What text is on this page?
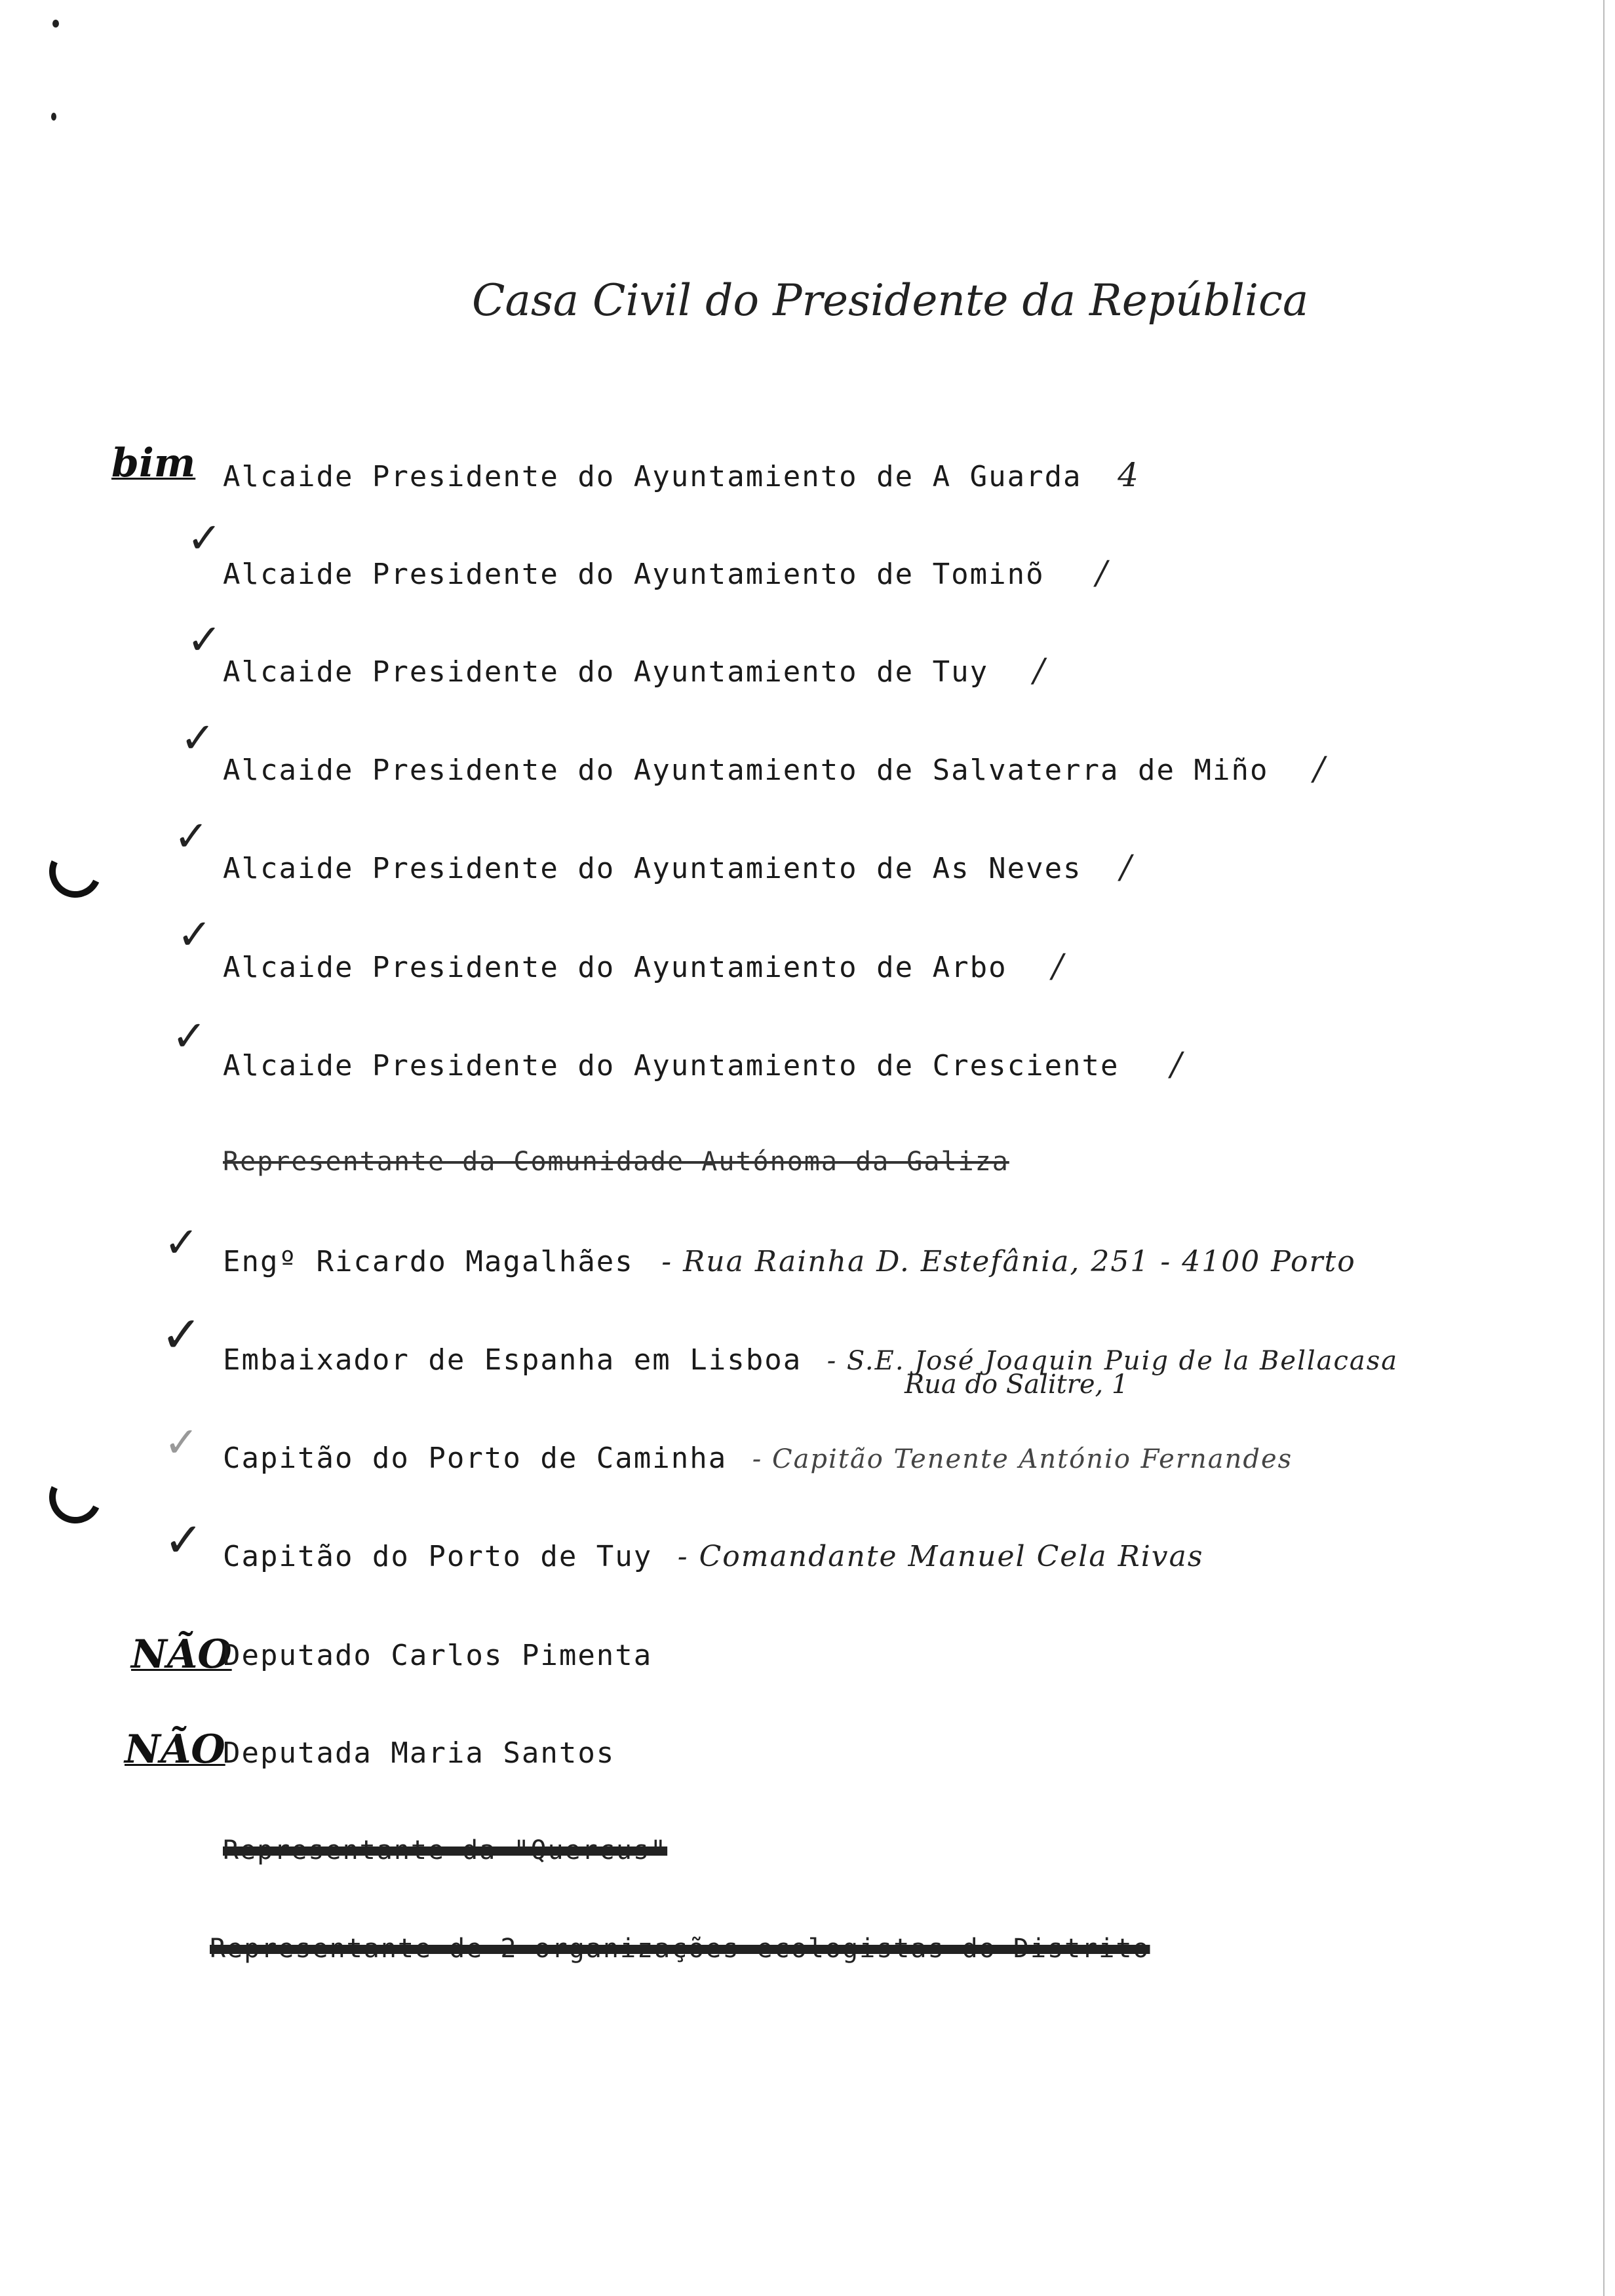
Casa Civil do Presidente da República
bim
NÃO
NÃO
Alcaide Presidente do Ayuntamiento de A Guarda 4
✓
Alcaide Presidente do Ayuntamiento de Tominõ /
✓
Alcaide Presidente do Ayuntamiento de Tuy /
✓
Alcaide Presidente do Ayuntamiento de Salvaterra de Miño /
✓
Alcaide Presidente do Ayuntamiento de As Neves /
✓
Alcaide Presidente do Ayuntamiento de Arbo /
✓
Alcaide Presidente do Ayuntamiento de Cresciente /
Representante da Comunidade Autónoma da Galiza
✓ Engº Ricardo Magalhães - Rua Rainha D. Estefânia, 251 - 4100 Porto
✓ Embaixador de Espanha em Lisboa - S.E. José Joaquin Puig de la Bellacasa
Rua do Salitre, 1
✓ Capitão do Porto de Caminha - Capitão Tenente António Fernandes
✓ Capitão do Porto de Tuy - Comandante Manuel Cela Rivas
Deputado Carlos Pimenta
Deputada Maria Santos
Representante da "Quercus"
Representante de 2 organizações ecologistas do Distrito
